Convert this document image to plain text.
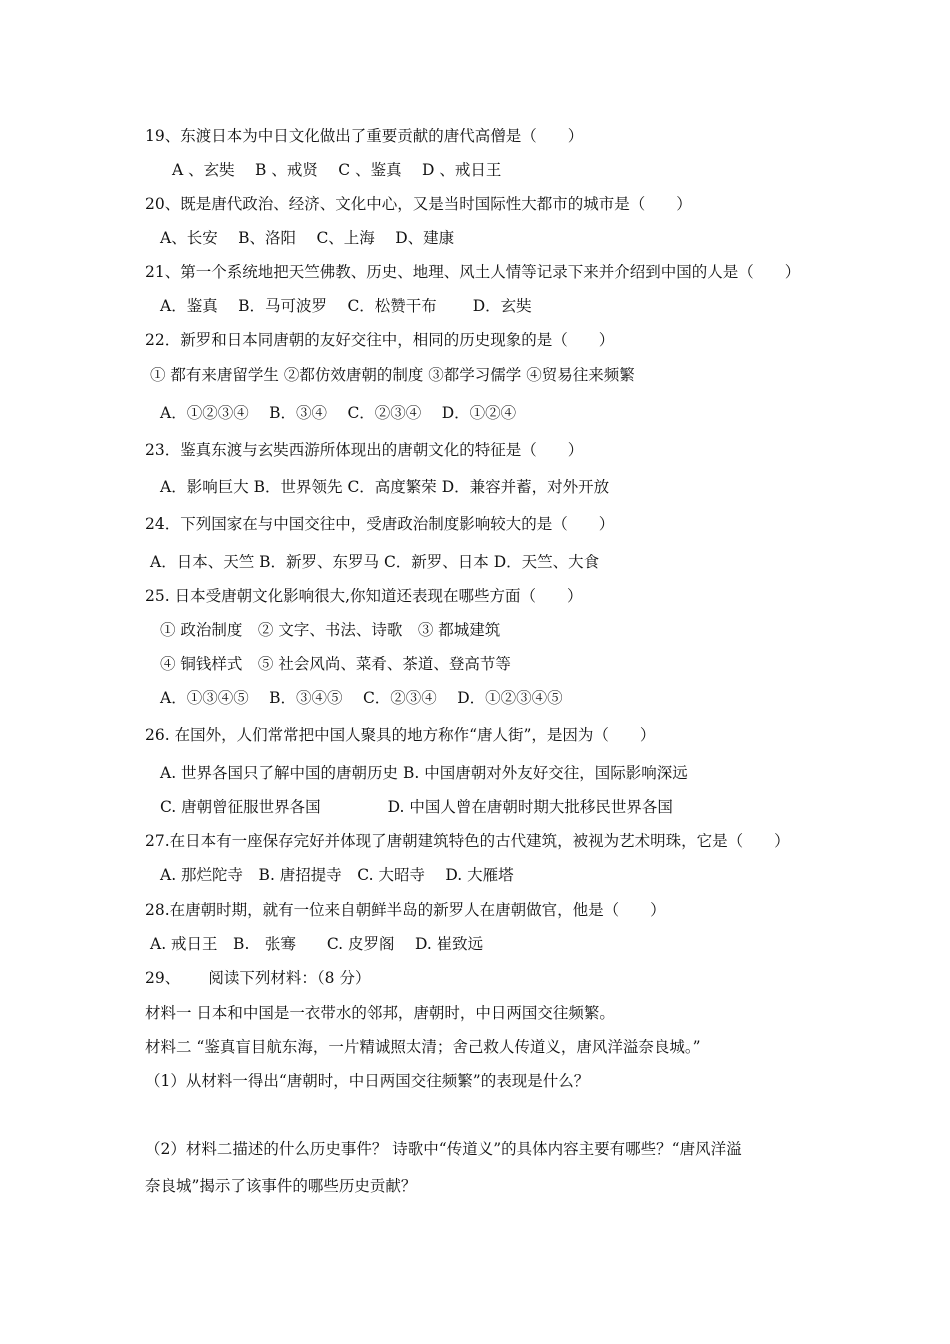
19、东渡日本为中日文化做出了重要贡献的唐代高僧是（　　）
A 、玄奘　 B 、戒贤　 C 、鉴真　 D 、戒日王
20、既是唐代政治、经济、文化中心，又是当时国际性大都市的城市是（　　）
A、长安　 B、洛阳　 C、上海　 D、建康
21、第一个系统地把天竺佛教、历史、地理、风土人情等记录下来并介绍到中国的人是（　　）
A．鉴真　 B．马可波罗　 C．松赞干布　　 D．玄奘
22．新罗和日本同唐朝的友好交往中，相同的历史现象的是（　　）
① 都有来唐留学生 ②都仿效唐朝的制度 ③都学习儒学 ④贸易往来频繁
A．①②③④　 B．③④　 C．②③④　 D．①②④
23．鉴真东渡与玄奘西游所体现出的唐朝文化的特征是（　　）
A．影响巨大 B．世界领先 C．高度繁荣 D．兼容并蓄，对外开放
24．下列国家在与中国交往中，受唐政治制度影响较大的是（　　）
A．日本、天竺 B．新罗、东罗马 C．新罗、日本 D．天竺、大食
25. 日本受唐朝文化影响很大,你知道还表现在哪些方面（　　）
① 政治制度　② 文字、书法、诗歌　③ 都城建筑
④ 铜钱样式　⑤ 社会风尚、菜肴、茶道、登高节等
A．①③④⑤　 B．③④⑤　 C．②③④　 D．①②③④⑤
26. 在国外，人们常常把中国人聚具的地方称作“唐人街”，是因为（　　）
A. 世界各国只了解中国的唐朝历史 B. 中国唐朝对外友好交往，国际影响深远
C. 唐朝曾征服世界各国　　　　 D. 中国人曾在唐朝时期大批移民世界各国
27.在日本有一座保存完好并体现了唐朝建筑特色的古代建筑，被视为艺术明珠，它是（　　）
A. 那烂陀寺　B. 唐招提寺　C. 大昭寺　 D. 大雁塔
28.在唐朝时期，就有一位来自朝鲜半岛的新罗人在唐朝做官，他是（　　）
A. 戒日王　B.　张骞　　C. 皮罗阁　 D. 崔致远
29、　　 阅读下列材料：（8 分）
材料一 日本和中国是一衣带水的邻邦，唐朝时，中日两国交往频繁。
材料二 “鉴真盲目航东海，一片精诚照太清；舍己救人传道义，唐风洋溢奈良城。”
（1）从材料一得出“唐朝时，中日两国交往频繁”的表现是什么？
（2）材料二描述的什么历史事件？ 诗歌中“传道义”的具体内容主要有哪些？“唐风洋溢
奈良城”揭示了该事件的哪些历史贡献？
